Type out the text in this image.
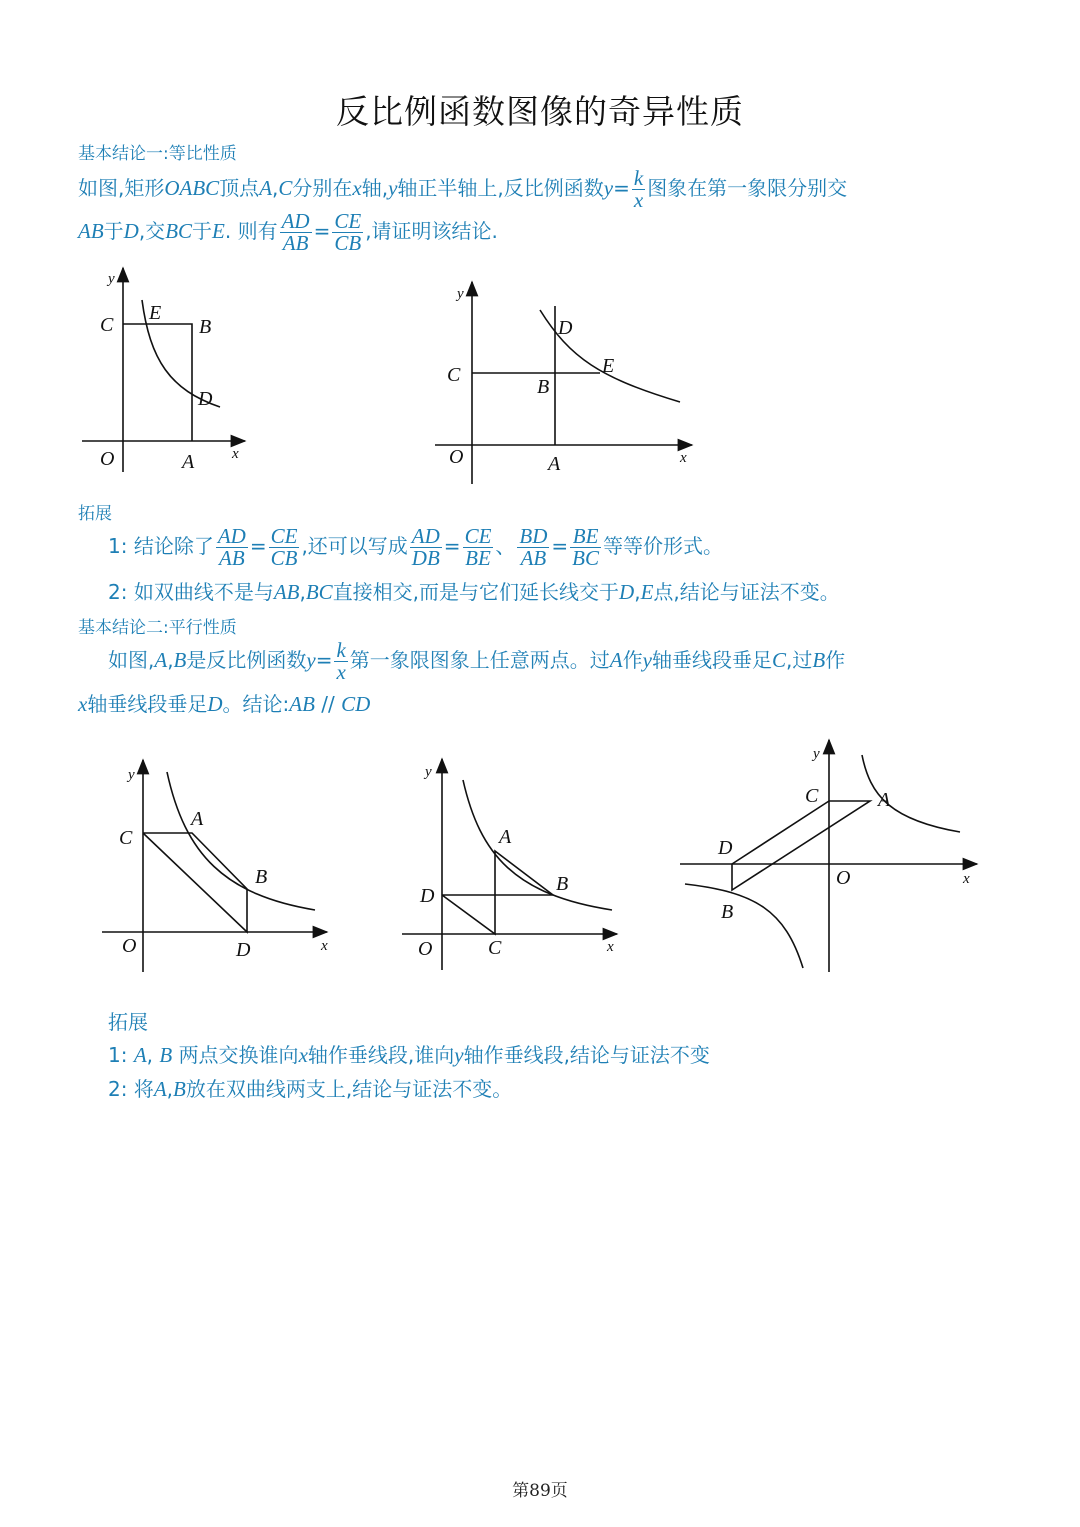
反比例函数图像的奇异性质
基本结论一:等比性质
如图,矩形OABC顶点A,C分别在x轴,y轴正半轴上,反比例函数$y= \frac{k}{x}$ 图象在第一象限分别交
AB于D,交BC于E. 则有 $\frac{AD}{AB} = \frac{CE}{CB}$ ,请证明该结论.
y
x
O	A
B
C
D
E
y
x
O	A
B
C
D
E
拓展
1: 结论除了 $\frac{AD}{AB} = \frac{CE}{CB}$ ,还可以写成 $\frac{AD}{DB} = \frac{CE}{BE}$ 、 $\frac{BD}{AB} = \frac{BE}{BC}$ 等等价形式。
2: 如双曲线不是与AB,BC直接相交,而是与它们延长线交于D,E点,结论与证法不变。
基本结论二:平行性质
如图,A,B是反比例函数$y= \frac{k}{x}$ 第一象限图象上任意两点。过A作y轴垂线段垂足C,过B作
x轴垂线段垂足D。结论:AB // CD
y
x
O
A
B
C
D
y
x
O
A
B
C
D
y
x
O
A
B
C
D
拓展
1: A, B 两点交换谁向x轴作垂线段,谁向y轴作垂线段,结论与证法不变
2: 将A,B放在双曲线两支上,结论与证法不变。
第89页
